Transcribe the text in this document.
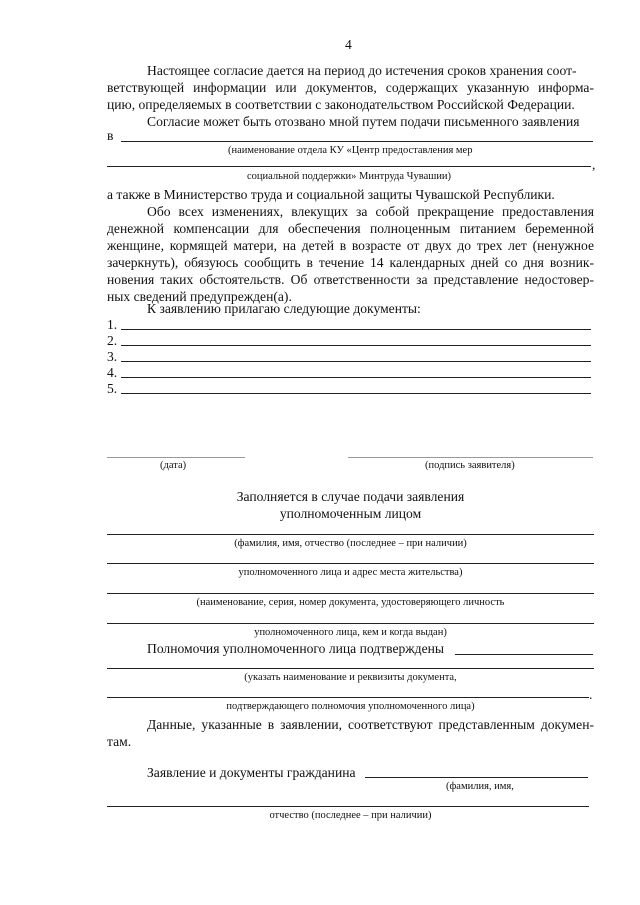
4
Настоящее согласие дается на период до истечения сроков хранения соот-
ветствующей информации или документов, содержащих указанную информа-
цию, определяемых в соответствии с законодательством Российской Федерации.
Согласие может быть отозвано мной путем подачи письменного заявления
в
(наименование отдела КУ «Центр предоставления мер
,
социальной поддержки» Минтруда Чувашии)
а также в Министерство труда и социальной защиты Чувашской Республики.
Обо всех изменениях, влекущих за собой прекращение предоставления
денежной компенсации для обеспечения полноценным питанием беременной
женщине, кормящей матери, на детей в возрасте от двух до трех лет (ненужное
зачеркнуть), обязуюсь сообщить в течение 14 календарных дней со дня возник-
новения таких обстоятельств. Об ответственности за представление недостовер-
ных сведений предупрежден(а).
К заявлению прилагаю следующие документы:
1.
2.
3.
4.
5.
(дата)	(подпись заявителя)
Заполняется в случае подачи заявления
уполномоченным лицом
(фамилия, имя, отчество (последнее – при наличии)
уполномоченного лица и адрес места жительства)
(наименование, серия, номер документа, удостоверяющего личность
уполномоченного лица, кем и когда выдан)
Полномочия уполномоченного лица подтверждены
(указать наименование и реквизиты документа,
.
подтверждающего полномочия уполномоченного лица)
Данные, указанные в заявлении, соответствуют представленным докумен-
там.
Заявление и документы гражданина
(фамилия, имя,
отчество (последнее – при наличии)
